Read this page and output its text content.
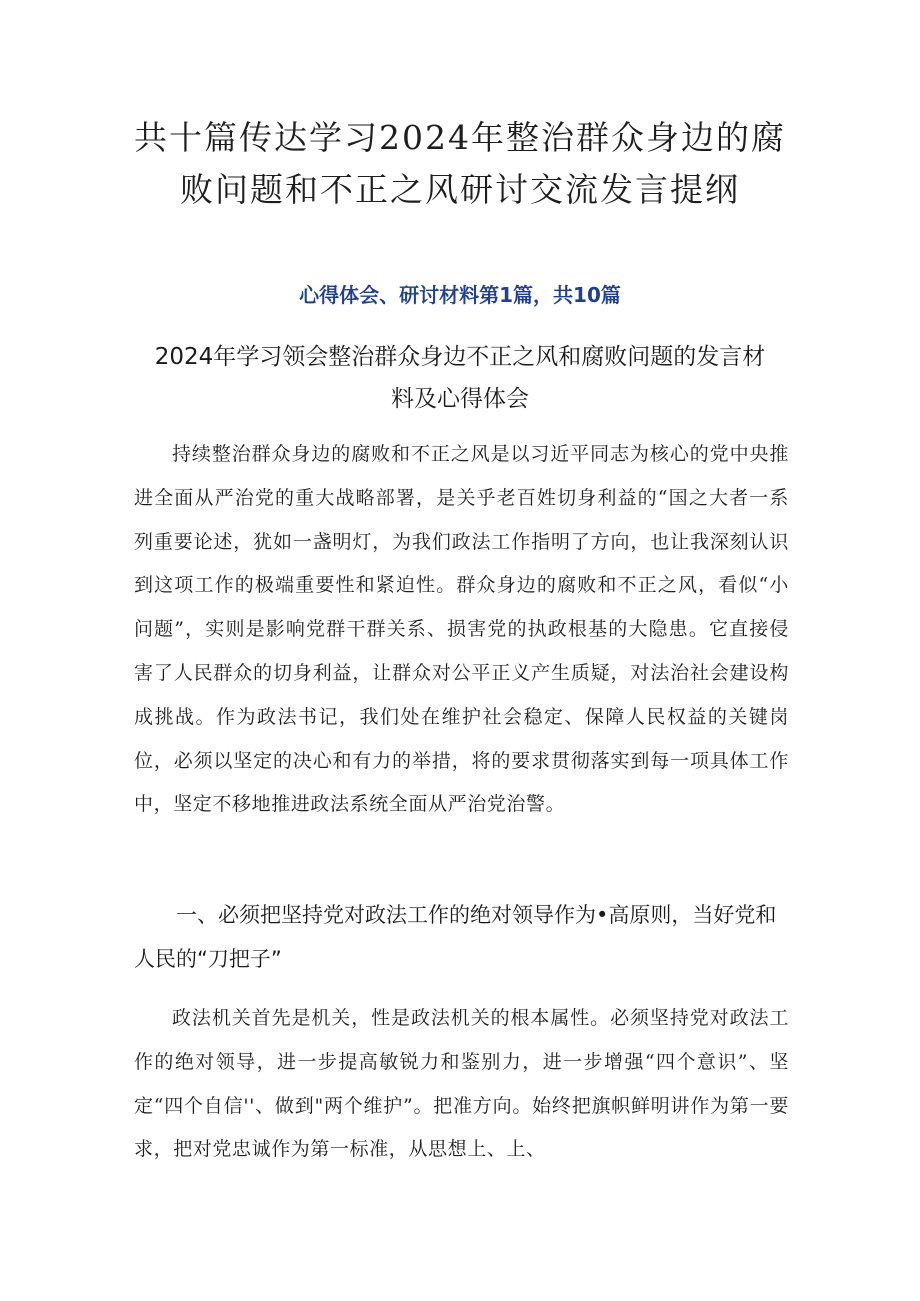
共十篇传达学习2024年整治群众身边的腐败问题和不正之风研讨交流发言提纲
心得体会、研讨材料第1篇，共10篇
2024年学习领会整治群众身边不正之风和腐败问题的发言材料及心得体会

持续整治群众身边的腐败和不正之风是以习近平同志为核心的党中央推进全面从严治党的重大战略部署，是关乎老百姓切身利益的“国之大者一系列重要论述，犹如一盏明灯，为我们政法工作指明了方向，也让我深刻认识到这项工作的极端重要性和紧迫性。群众身边的腐败和不正之风，看似“小问题”，实则是影响党群干群关系、损害党的执政根基的大隐患。它直接侵害了人民群众的切身利益，让群众对公平正义产生质疑，对法治社会建设构成挑战。作为政法书记，我们处在维护社会稳定、保障人民权益的关键岗位，必须以坚定的决心和有力的举措，将的要求贯彻落实到每一项具体工作中，坚定不移地推进政法系统全面从严治党治警。

一、必须把坚持党对政法工作的绝对领导作为•高原则，当好党和人民的“刀把子”

政法机关首先是机关，性是政法机关的根本属性。必须坚持党对政法工作的绝对领导，进一步提高敏锐力和鉴别力，进一步增强“四个意识”、坚定“四个自信''、做到"两个维护”。把准方向。始终把旗帜鲜明讲作为第一要求，把对党忠诚作为第一标准，从思想上、上、
